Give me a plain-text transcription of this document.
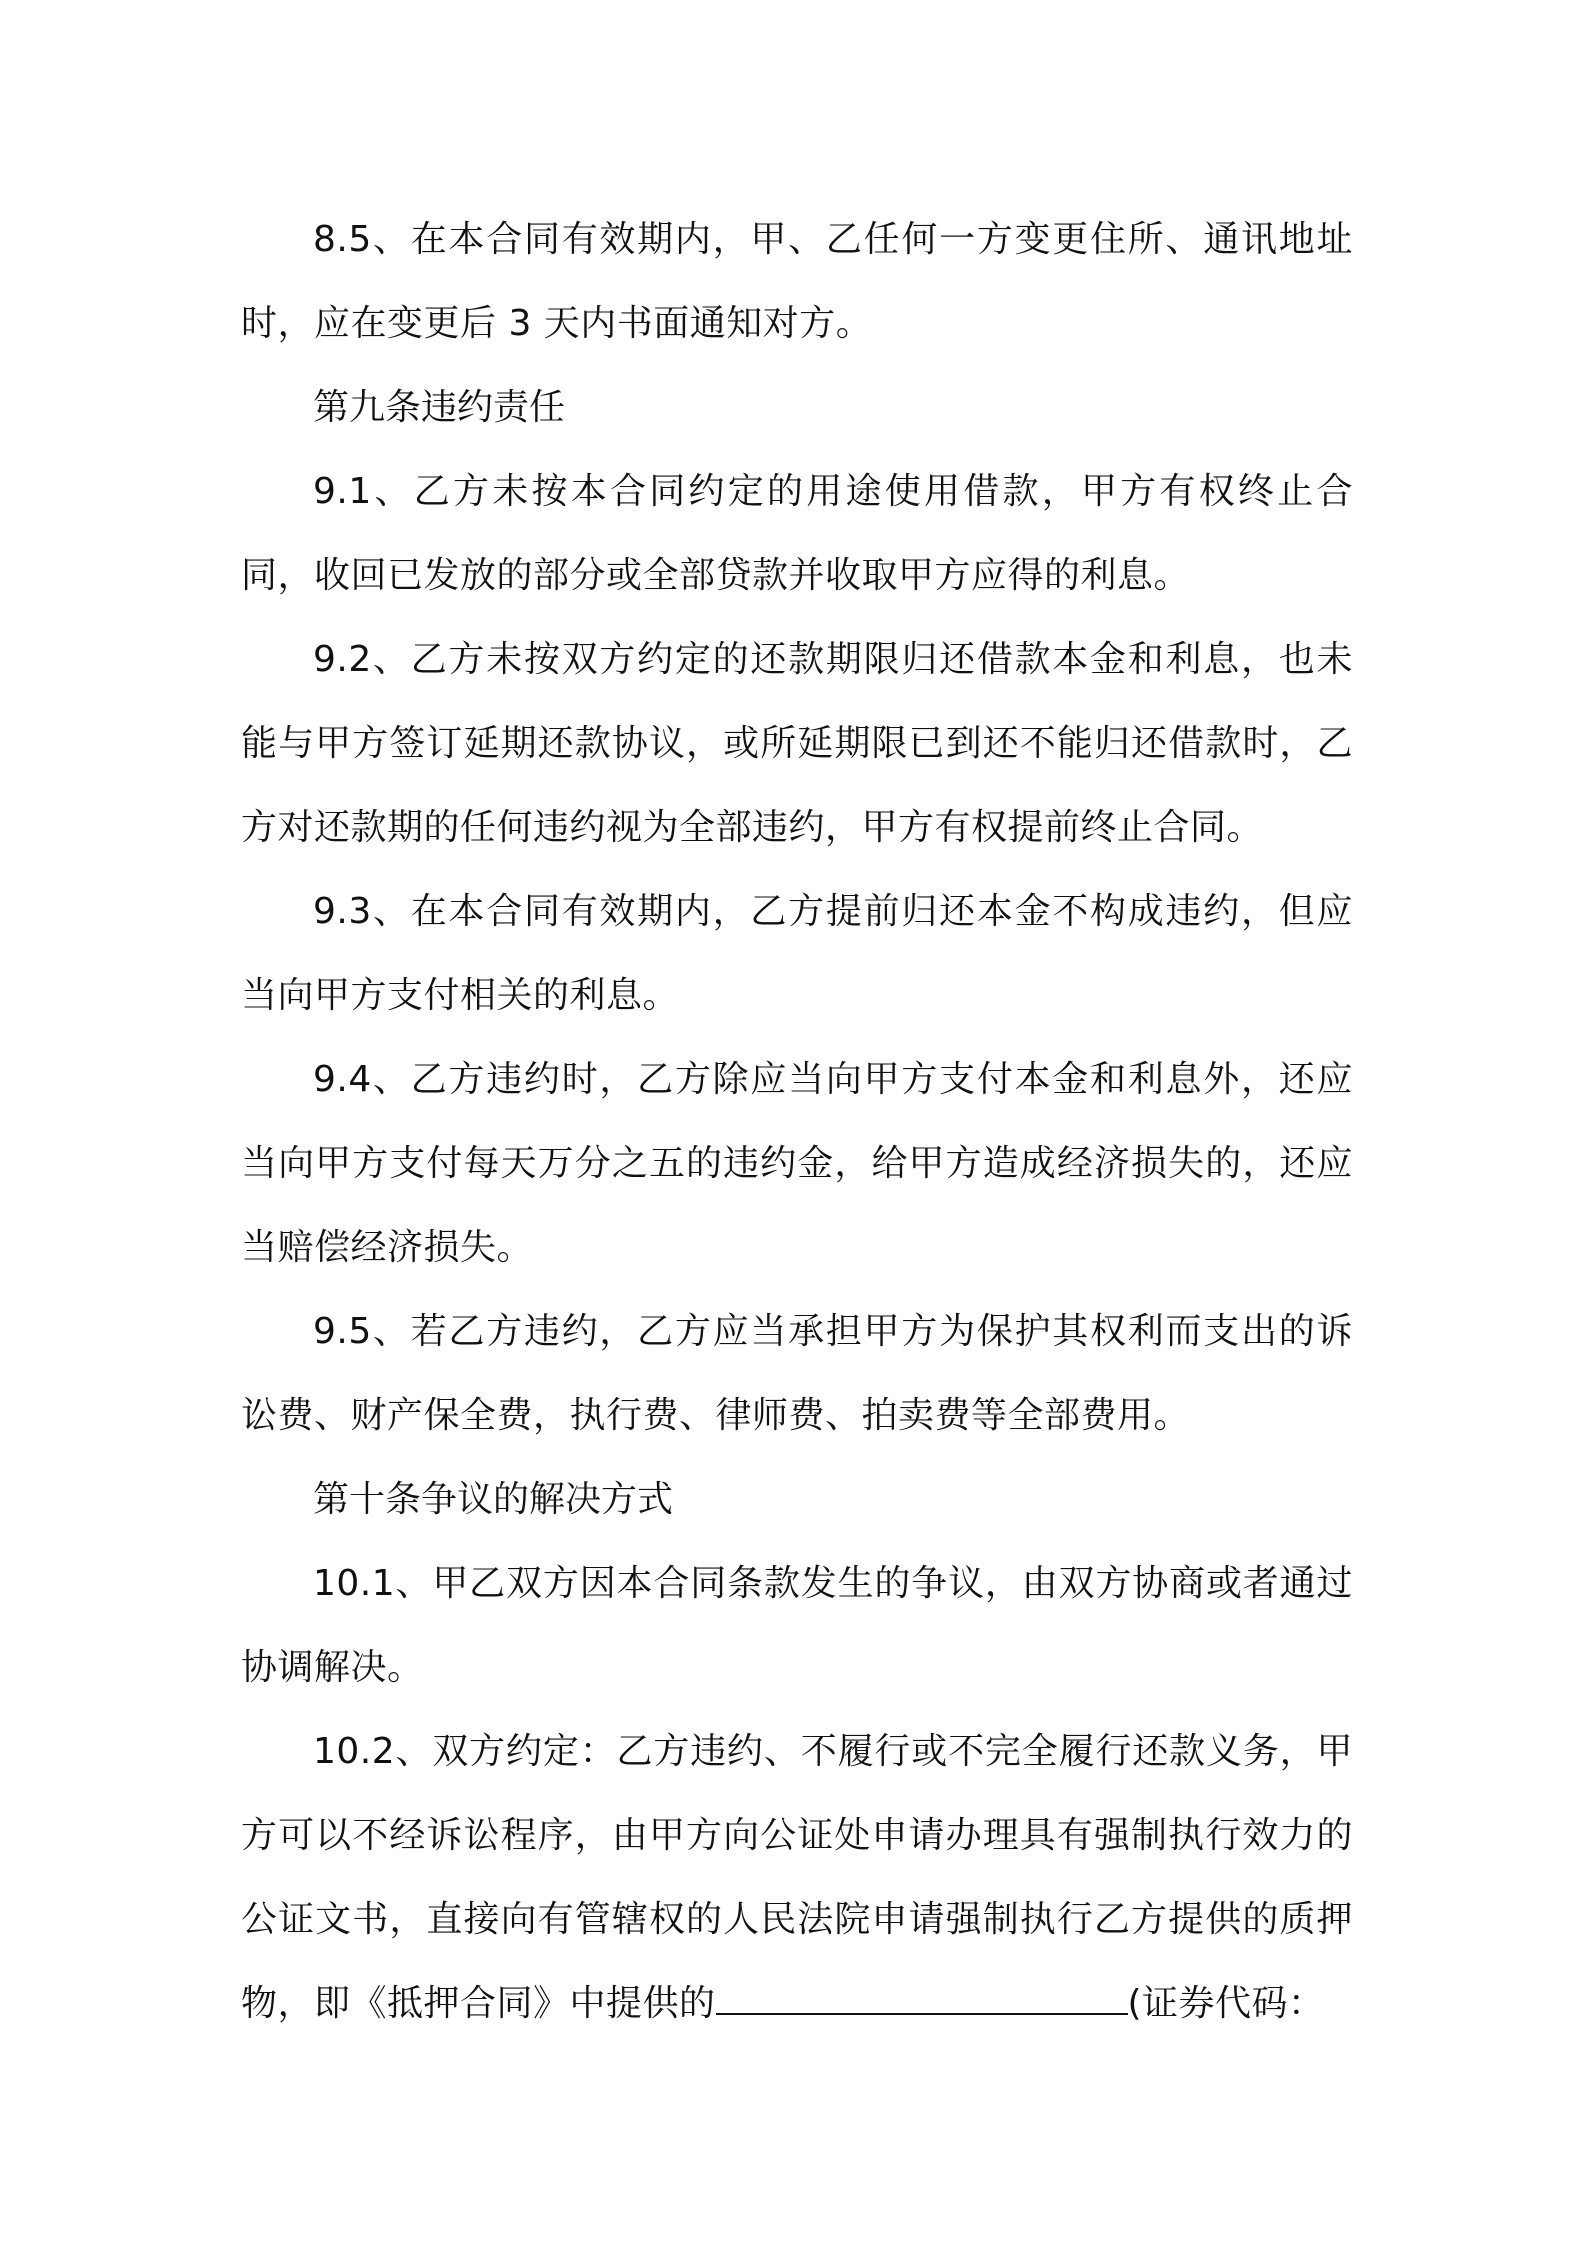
8.5、在本合同有效期内，甲、乙任何一方变更住所、通讯地址时，应在变更后 3 天内书面通知对方。

第九条违约责任

9.1、乙方未按本合同约定的用途使用借款，甲方有权终止合同，收回已发放的部分或全部贷款并收取甲方应得的利息。

9.2、乙方未按双方约定的还款期限归还借款本金和利息，也未能与甲方签订延期还款协议，或所延期限已到还不能归还借款时，乙方对还款期的任何违约视为全部违约，甲方有权提前终止合同。

9.3、在本合同有效期内，乙方提前归还本金不构成违约，但应当向甲方支付相关的利息。

9.4、乙方违约时，乙方除应当向甲方支付本金和利息外，还应当向甲方支付每天万分之五的违约金，给甲方造成经济损失的，还应当赔偿经济损失。

9.5、若乙方违约，乙方应当承担甲方为保护其权利而支出的诉讼费、财产保全费，执行费、律师费、拍卖费等全部费用。

第十条争议的解决方式

10.1、甲乙双方因本合同条款发生的争议，由双方协商或者通过协调解决。

10.2、双方约定：乙方违约、不履行或不完全履行还款义务，甲方可以不经诉讼程序，由甲方向公证处申请办理具有强制执行效力的公证文书，直接向有管辖权的人民法院申请强制执行乙方提供的质押物，即《抵押合同》中提供的	(证券代码：
